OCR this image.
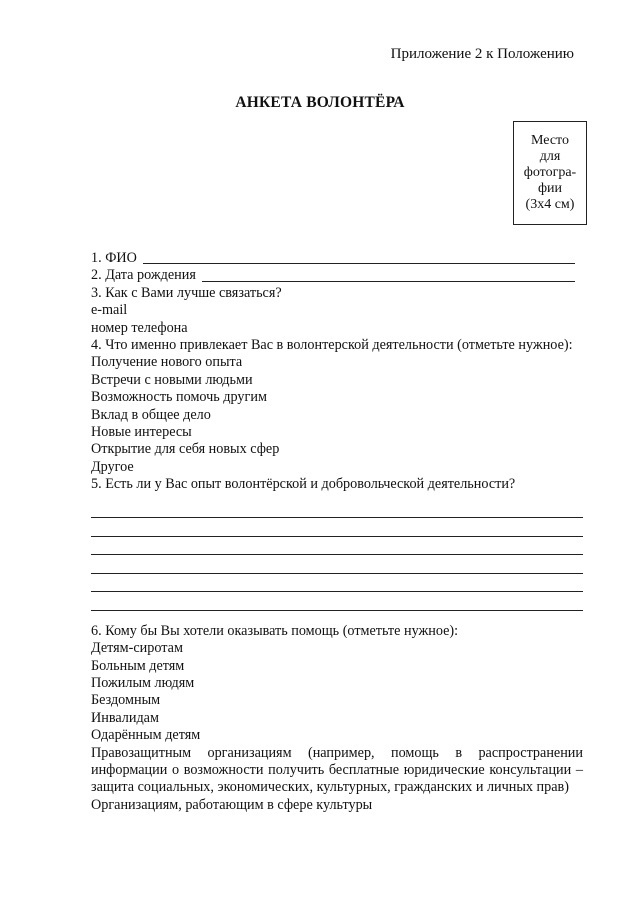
Приложение 2 к Положению
АНКЕТА ВОЛОНТЁРА
Место
для
фотогра-
фии
(3х4 см)
1. ФИО
2. Дата рождения
3. Как с Вами лучше связаться?
e-mail
номер телефона
4. Что именно привлекает Вас в волонтерской деятельности (отметьте нужное):
Получение нового опыта
Встречи с новыми людьми
Возможность помочь другим
Вклад в общее дело
Новые интересы
Открытие для себя новых сфер
Другое
5. Есть ли у Вас опыт волонтёрской и добровольческой деятельности?
6. Кому бы Вы хотели оказывать помощь (отметьте нужное):
Детям-сиротам
Больным детям
Пожилым людям
Бездомным
Инвалидам
Одарённым детям
Правозащитным организациям (например, помощь в распространении информации о возможности получить бесплатные юридические консультации – защита социальных, экономических, культурных, гражданских и личных прав)
Организациям, работающим в сфере культуры
